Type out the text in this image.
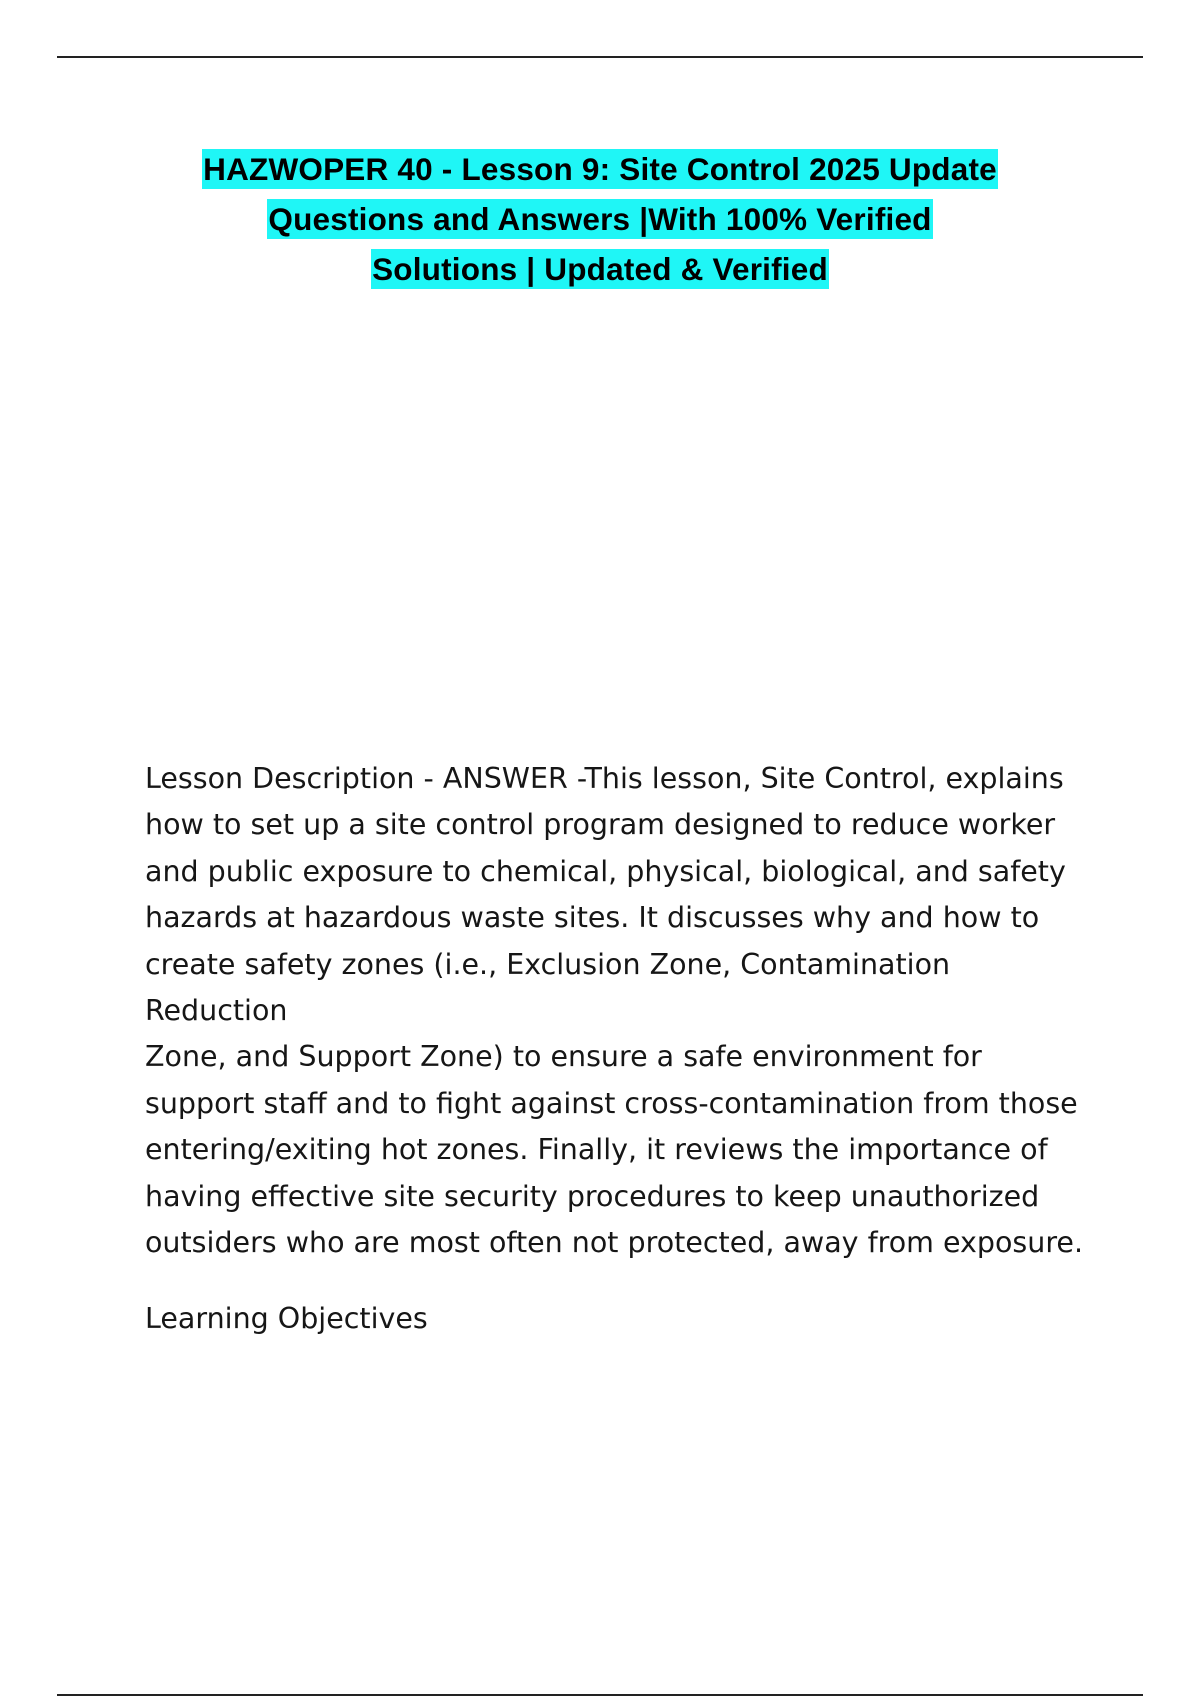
HAZWOPER 40 - Lesson 9: Site Control 2025 Update
Questions and Answers |With 100% Verified
Solutions | Updated & Verified
Lesson Description - ANSWER -This lesson, Site Control, explains
how to set up a site control program designed to reduce worker
and public exposure to chemical, physical, biological, and safety
hazards at hazardous waste sites. It discusses why and how to
create safety zones (i.e., Exclusion Zone, Contamination Reduction
Zone, and Support Zone) to ensure a safe environment for
support staff and to fight against cross-contamination from those
entering/exiting hot zones. Finally, it reviews the importance of
having effective site security procedures to keep unauthorized
outsiders who are most often not protected, away from exposure.
Learning Objectives
